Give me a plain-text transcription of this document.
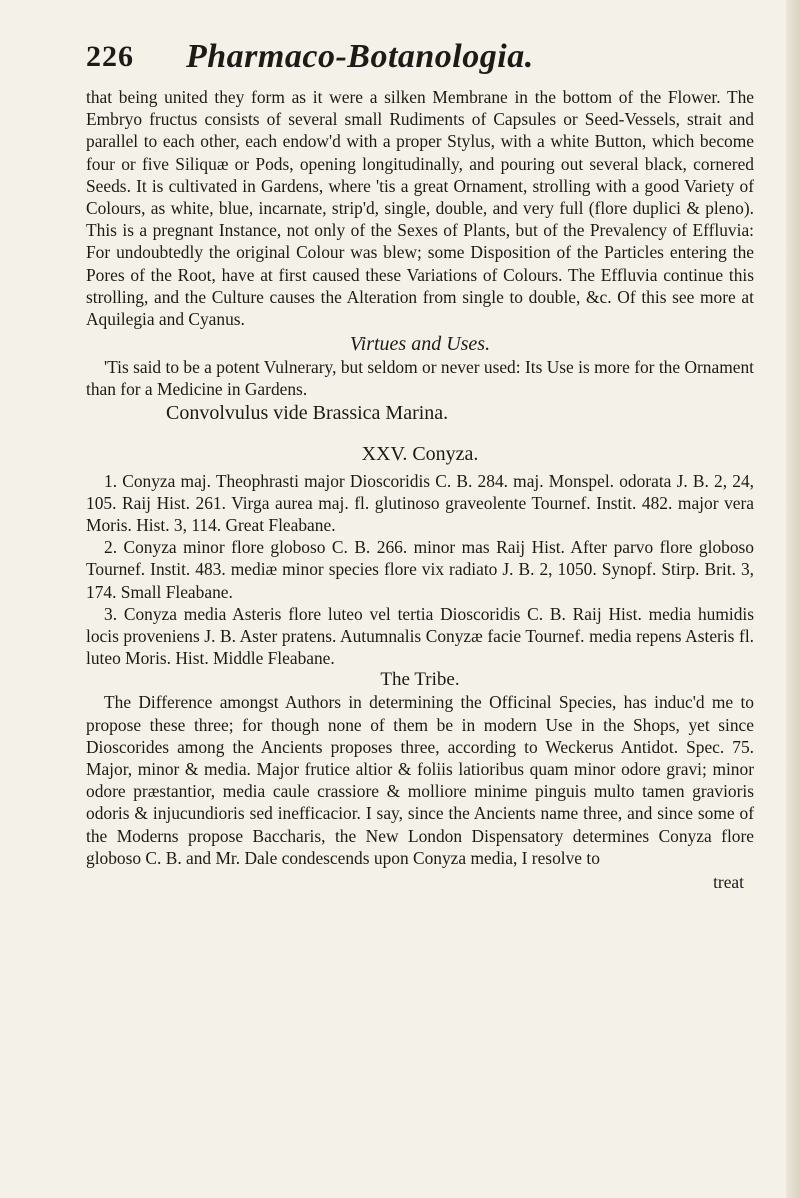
226 Pharmaco-Botanologia.

that being united they form as it were a silken Membrane in the bottom of the Flower. The Embryo fructus consists of several small Rudiments of Capsules or Seed-Vessels, strait and parallel to each other, each endow'd with a proper Stylus, with a white Button, which become four or five Siliquæ or Pods, opening longitudinally, and pouring out several black, cornered Seeds. It is cultivated in Gardens, where 'tis a great Ornament, strolling with a good Variety of Colours, as white, blue, incarnate, strip'd, single, double, and very full (flore duplici & pleno). This is a pregnant Instance, not only of the Sexes of Plants, but of the Prevalency of Effluvia: For undoubtedly the original Colour was blew; some Disposition of the Particles entering the Pores of the Root, have at first caused these Variations of Colours. The Effluvia continue this strolling, and the Culture causes the Alteration from single to double, &c. Of this see more at Aquilegia and Cyanus.

Virtues and Uses.

'Tis said to be a potent Vulnerary, but seldom or never used: Its Use is more for the Ornament than for a Medicine in Gardens.

Convolvulus vide Brassica Marina.

XXV. Conyza.

1. Conyza maj. Theophrasti major Dioscoridis C. B. 284. maj. Monspel. odorata J. B. 2, 24, 105. Raij Hist. 261. Virga aurea maj. fl. glutinoso graveolente Tournef. Instit. 482. major vera Moris. Hist. 3, 114. Great Fleabane.

2. Conyza minor flore globoso C. B. 266. minor mas Raij Hist. After parvo flore globoso Tournef. Instit. 483. mediæ minor species flore vix radiato J. B. 2, 1050. Synopf. Stirp. Brit. 3, 174. Small Fleabane.

3. Conyza media Asteris flore luteo vel tertia Dioscoridis C. B. Raij Hist. media humidis locis proveniens J. B. Aster pratens. Autumnalis Conyzæ facie Tournef. media repens Asteris fl. luteo Moris. Hist. Middle Fleabane.

The Tribe.

The Difference amongst Authors in determining the Officinal Species, has induc'd me to propose these three; for though none of them be in modern Use in the Shops, yet since Dioscorides among the Ancients proposes three, according to Weckerus Antidot. Spec. 75. Major, minor & media. Major frutice altior & foliis latioribus quam minor odore gravi; minor odore præstantior, media caule crassiore & molliore minime pinguis multo tamen gravioris odoris & injucundioris sed inefficacior. I say, since the Ancients name three, and since some of the Moderns propose Baccharis, the New London Dispensatory determines Conyza flore globoso C. B. and Mr. Dale condescends upon Conyza media, I resolve to

treat
